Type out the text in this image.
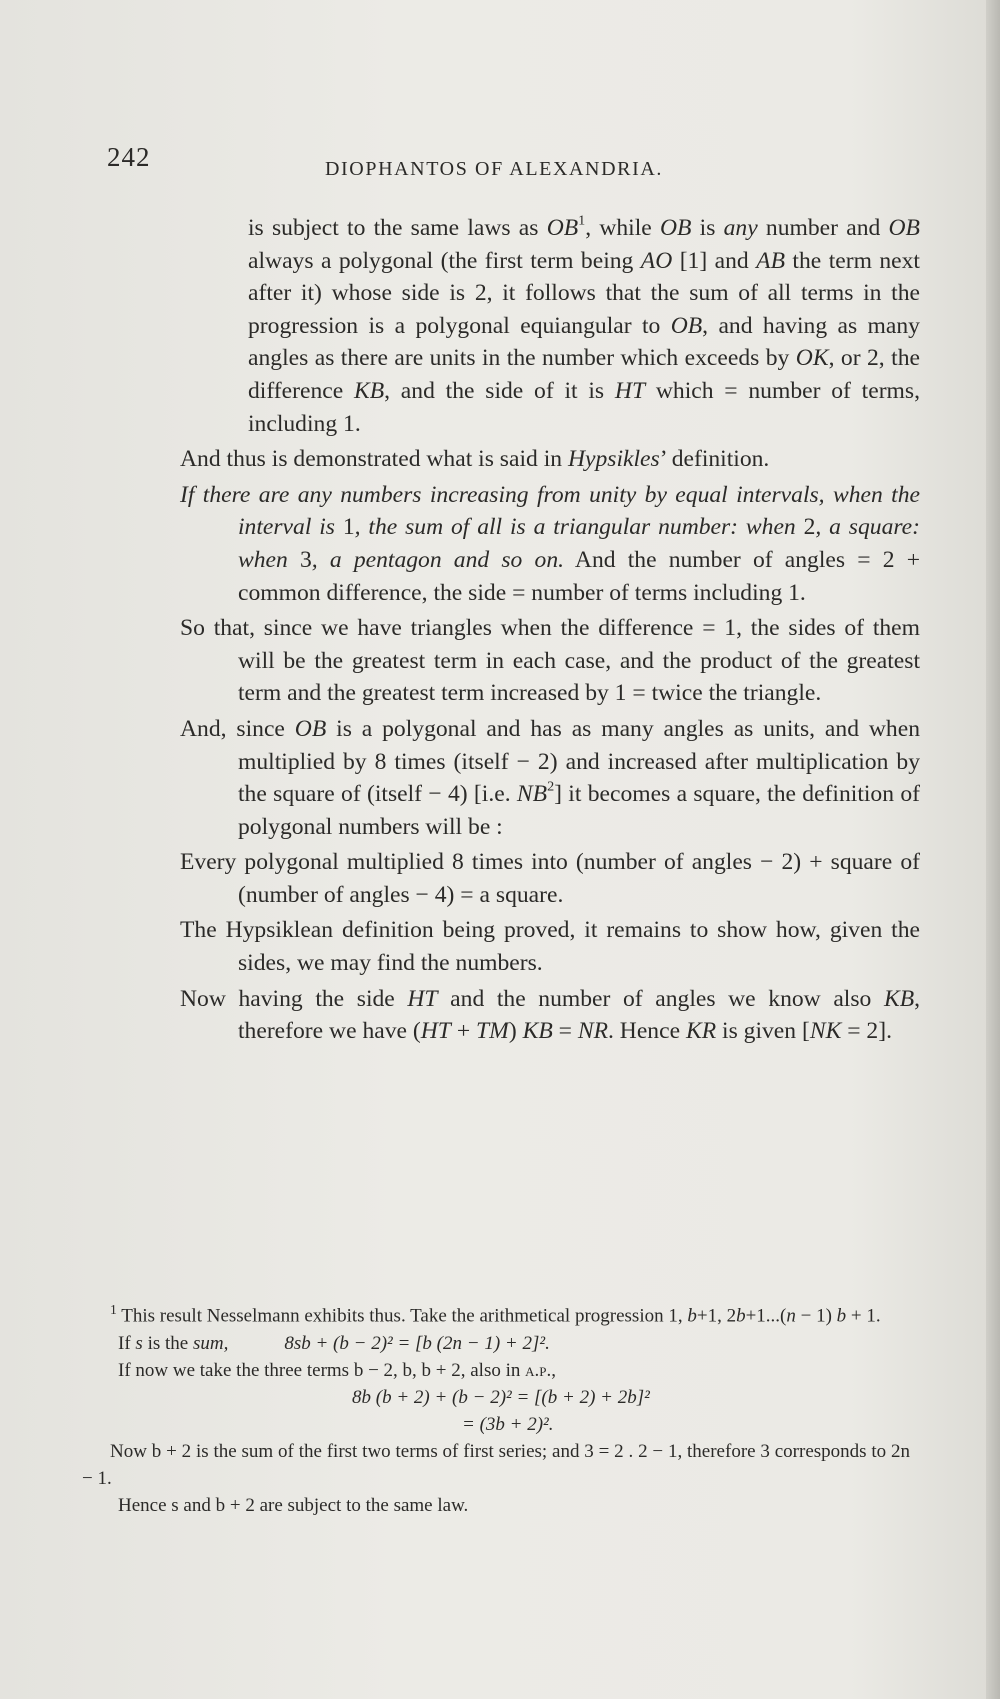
242	DIOPHANTOS OF ALEXANDRIA.

is subject to the same laws as $OB^1$, while OB is any number and OB always a polygonal (the first term being AO [1] and AB the term next after it) whose side is 2, it follows that the sum of all terms in the progression is a polygonal equiangular to OB, and having as many angles as there are units in the number which exceeds by OK, or 2, the difference KB, and the side of it is HT which = number of terms, including 1.

And thus is demonstrated what is said in Hypsikles’ definition.

If there are any numbers increasing from unity by equal intervals, when the interval is 1, the sum of all is a triangular number: when 2, a square: when 3, a pentagon and so on. And the number of angles = 2 + common difference, the side = number of terms including 1.

So that, since we have triangles when the difference = 1, the sides of them will be the greatest term in each case, and the product of the greatest term and the greatest term increased by 1 = twice the triangle.

And, since OB is a polygonal and has as many angles as units, and when multiplied by 8 times (itself − 2) and increased after multiplication by the square of (itself − 4) [i.e. $NB^2$] it becomes a square, the definition of polygonal numbers will be :

Every polygonal multiplied 8 times into (number of angles − 2) + square of (number of angles − 4) = a square.

The Hypsiklean definition being proved, it remains to show how, given the sides, we may find the numbers.

Now having the side HT and the number of angles we know also KB, therefore we have (HT + TM) KB = NR. Hence KR is given [NK = 2].

$^1$ This result Nesselmann exhibits thus. Take the arithmetical progression 1, b+1, 2b+1...(n − 1) b + 1.

If s is the sum,	8sb + (b − 2)² = [b (2n − 1) + 2]².

If now we take the three terms b − 2, b, b + 2, also in a.p.,

8b (b + 2) + (b − 2)² = [(b + 2) + 2b]²
= (3b + 2)².

Now b + 2 is the sum of the first two terms of first series; and 3 = 2 . 2 − 1, therefore 3 corresponds to 2n − 1.

Hence s and b + 2 are subject to the same law.
